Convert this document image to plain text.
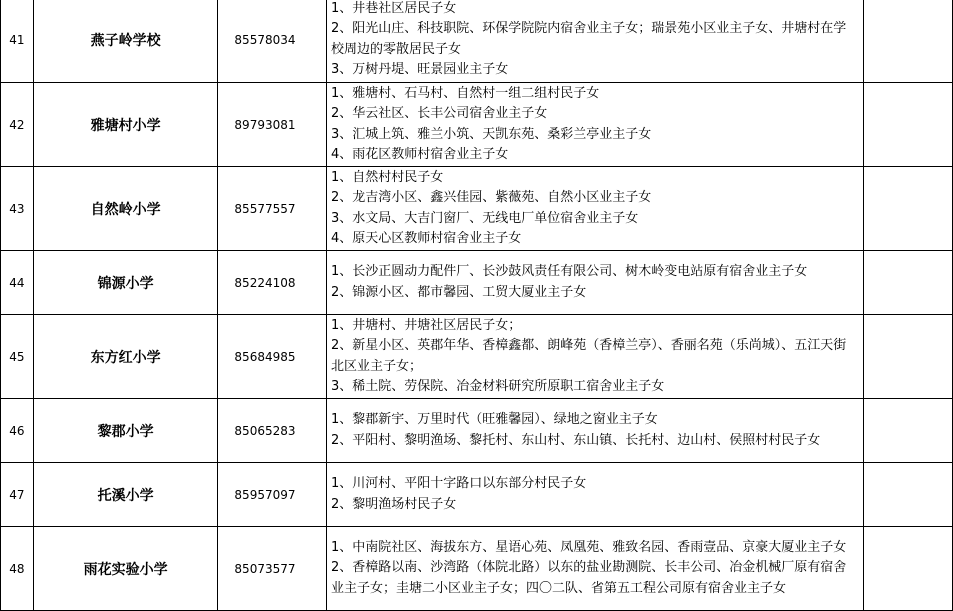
41	燕子岭学校	85578034	1、井巷社区居民子女
2、阳光山庄、科技职院、环保学院院内宿舍业主子女；瑞景苑小区业主子女、井塘村在学校周边的零散居民子女
3、万树丹堤、旺景园业主子女	

42	雅塘村小学	89793081	1、雅塘村、石马村、自然村一组二组村民子女
2、华云社区、长丰公司宿舍业主子女
3、汇城上筑、雅兰小筑、天凯东苑、桑彩兰亭业主子女
4、雨花区教师村宿舍业主子女	

43	自然岭小学	85577557	1、自然村村民子女
2、龙吉湾小区、鑫兴佳园、紫薇苑、自然小区业主子女
3、水文局、大吉门窗厂、无线电厂单位宿舍业主子女
4、原天心区教师村宿舍业主子女	

44	锦源小学	85224108	1、长沙正圆动力配件厂、长沙鼓风责任有限公司、树木岭变电站原有宿舍业主子女
2、锦源小区、都市馨园、工贸大厦业主子女	

45	东方红小学	85684985	1、井塘村、井塘社区居民子女；
2、新星小区、英郡年华、香樟鑫都、朗峰苑（香樟兰亭）、香丽名苑（乐尚城）、五江天街北区业主子女；
3、稀土院、劳保院、冶金材料研究所原职工宿舍业主子女	

46	黎郡小学	85065283	1、黎郡新宇、万里时代（旺雅馨园）、绿地之窗业主子女
2、平阳村、黎明渔场、黎托村、东山村、东山镇、长托村、边山村、侯照村村民子女	

47	托溪小学	85957097	1、川河村、平阳十字路口以东部分村民子女
2、黎明渔场村民子女	

48	雨花实验小学	85073577	1、中南院社区、海拔东方、星语心苑、凤凰苑、雅致名园、香雨壹品、京豪大厦业主子女
2、香樟路以南、沙湾路（体院北路）以东的盐业勘测院、长丰公司、冶金机械厂原有宿舍业主子女；圭塘二小区业主子女；四〇二队、省第五工程公司原有宿舍业主子女	
